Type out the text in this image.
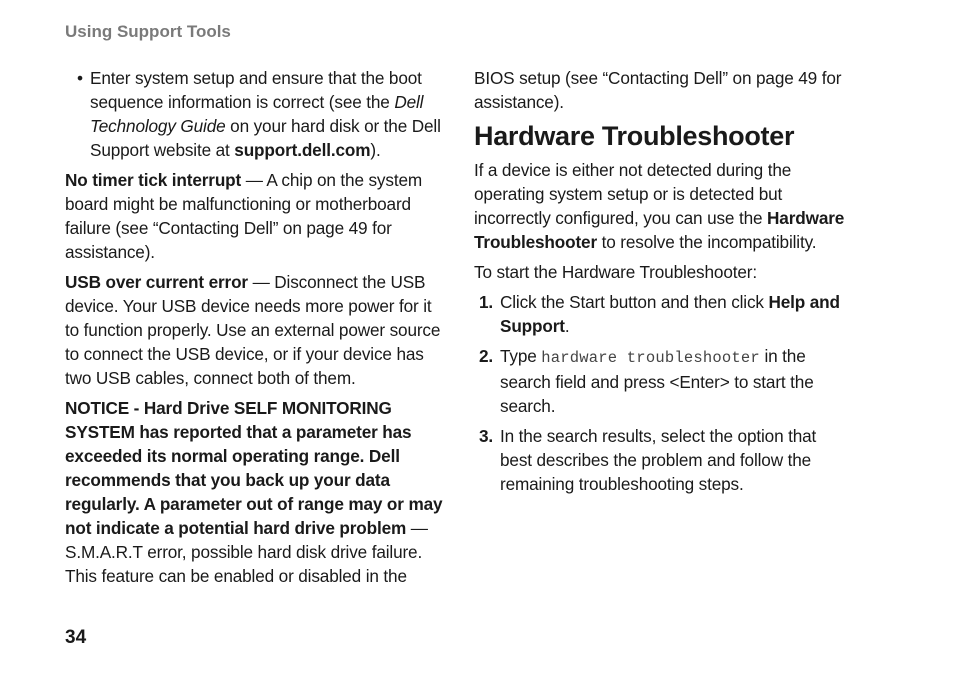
Using Support Tools
• Enter system setup and ensure that the boot sequence information is correct (see the Dell Technology Guide on your hard disk or the Dell Support website at support.dell.com).

No timer tick interrupt — A chip on the system board might be malfunctioning or motherboard failure (see “Contacting Dell” on page 49 for assistance).

USB over current error — Disconnect the USB device. Your USB device needs more power for it to function properly. Use an external power source to connect the USB device, or if your device has two USB cables, connect both of them.

NOTICE - Hard Drive SELF MONITORING SYSTEM has reported that a parameter has exceeded its normal operating range. Dell recommends that you back up your data regularly. A parameter out of range may or may not indicate a potential hard drive problem — S.M.A.R.T error, possible hard disk drive failure. This feature can be enabled or disabled in the

BIOS setup (see “Contacting Dell” on page 49 for assistance).

Hardware Troubleshooter

If a device is either not detected during the operating system setup or is detected but incorrectly configured, you can use the Hardware Troubleshooter to resolve the incompatibility.

To start the Hardware Troubleshooter:

1. Click the Start button and then click Help and Support.
2. Type hardware troubleshooter in the search field and press <Enter> to start the search.
3. In the search results, select the option that best describes the problem and follow the remaining troubleshooting steps.
34
